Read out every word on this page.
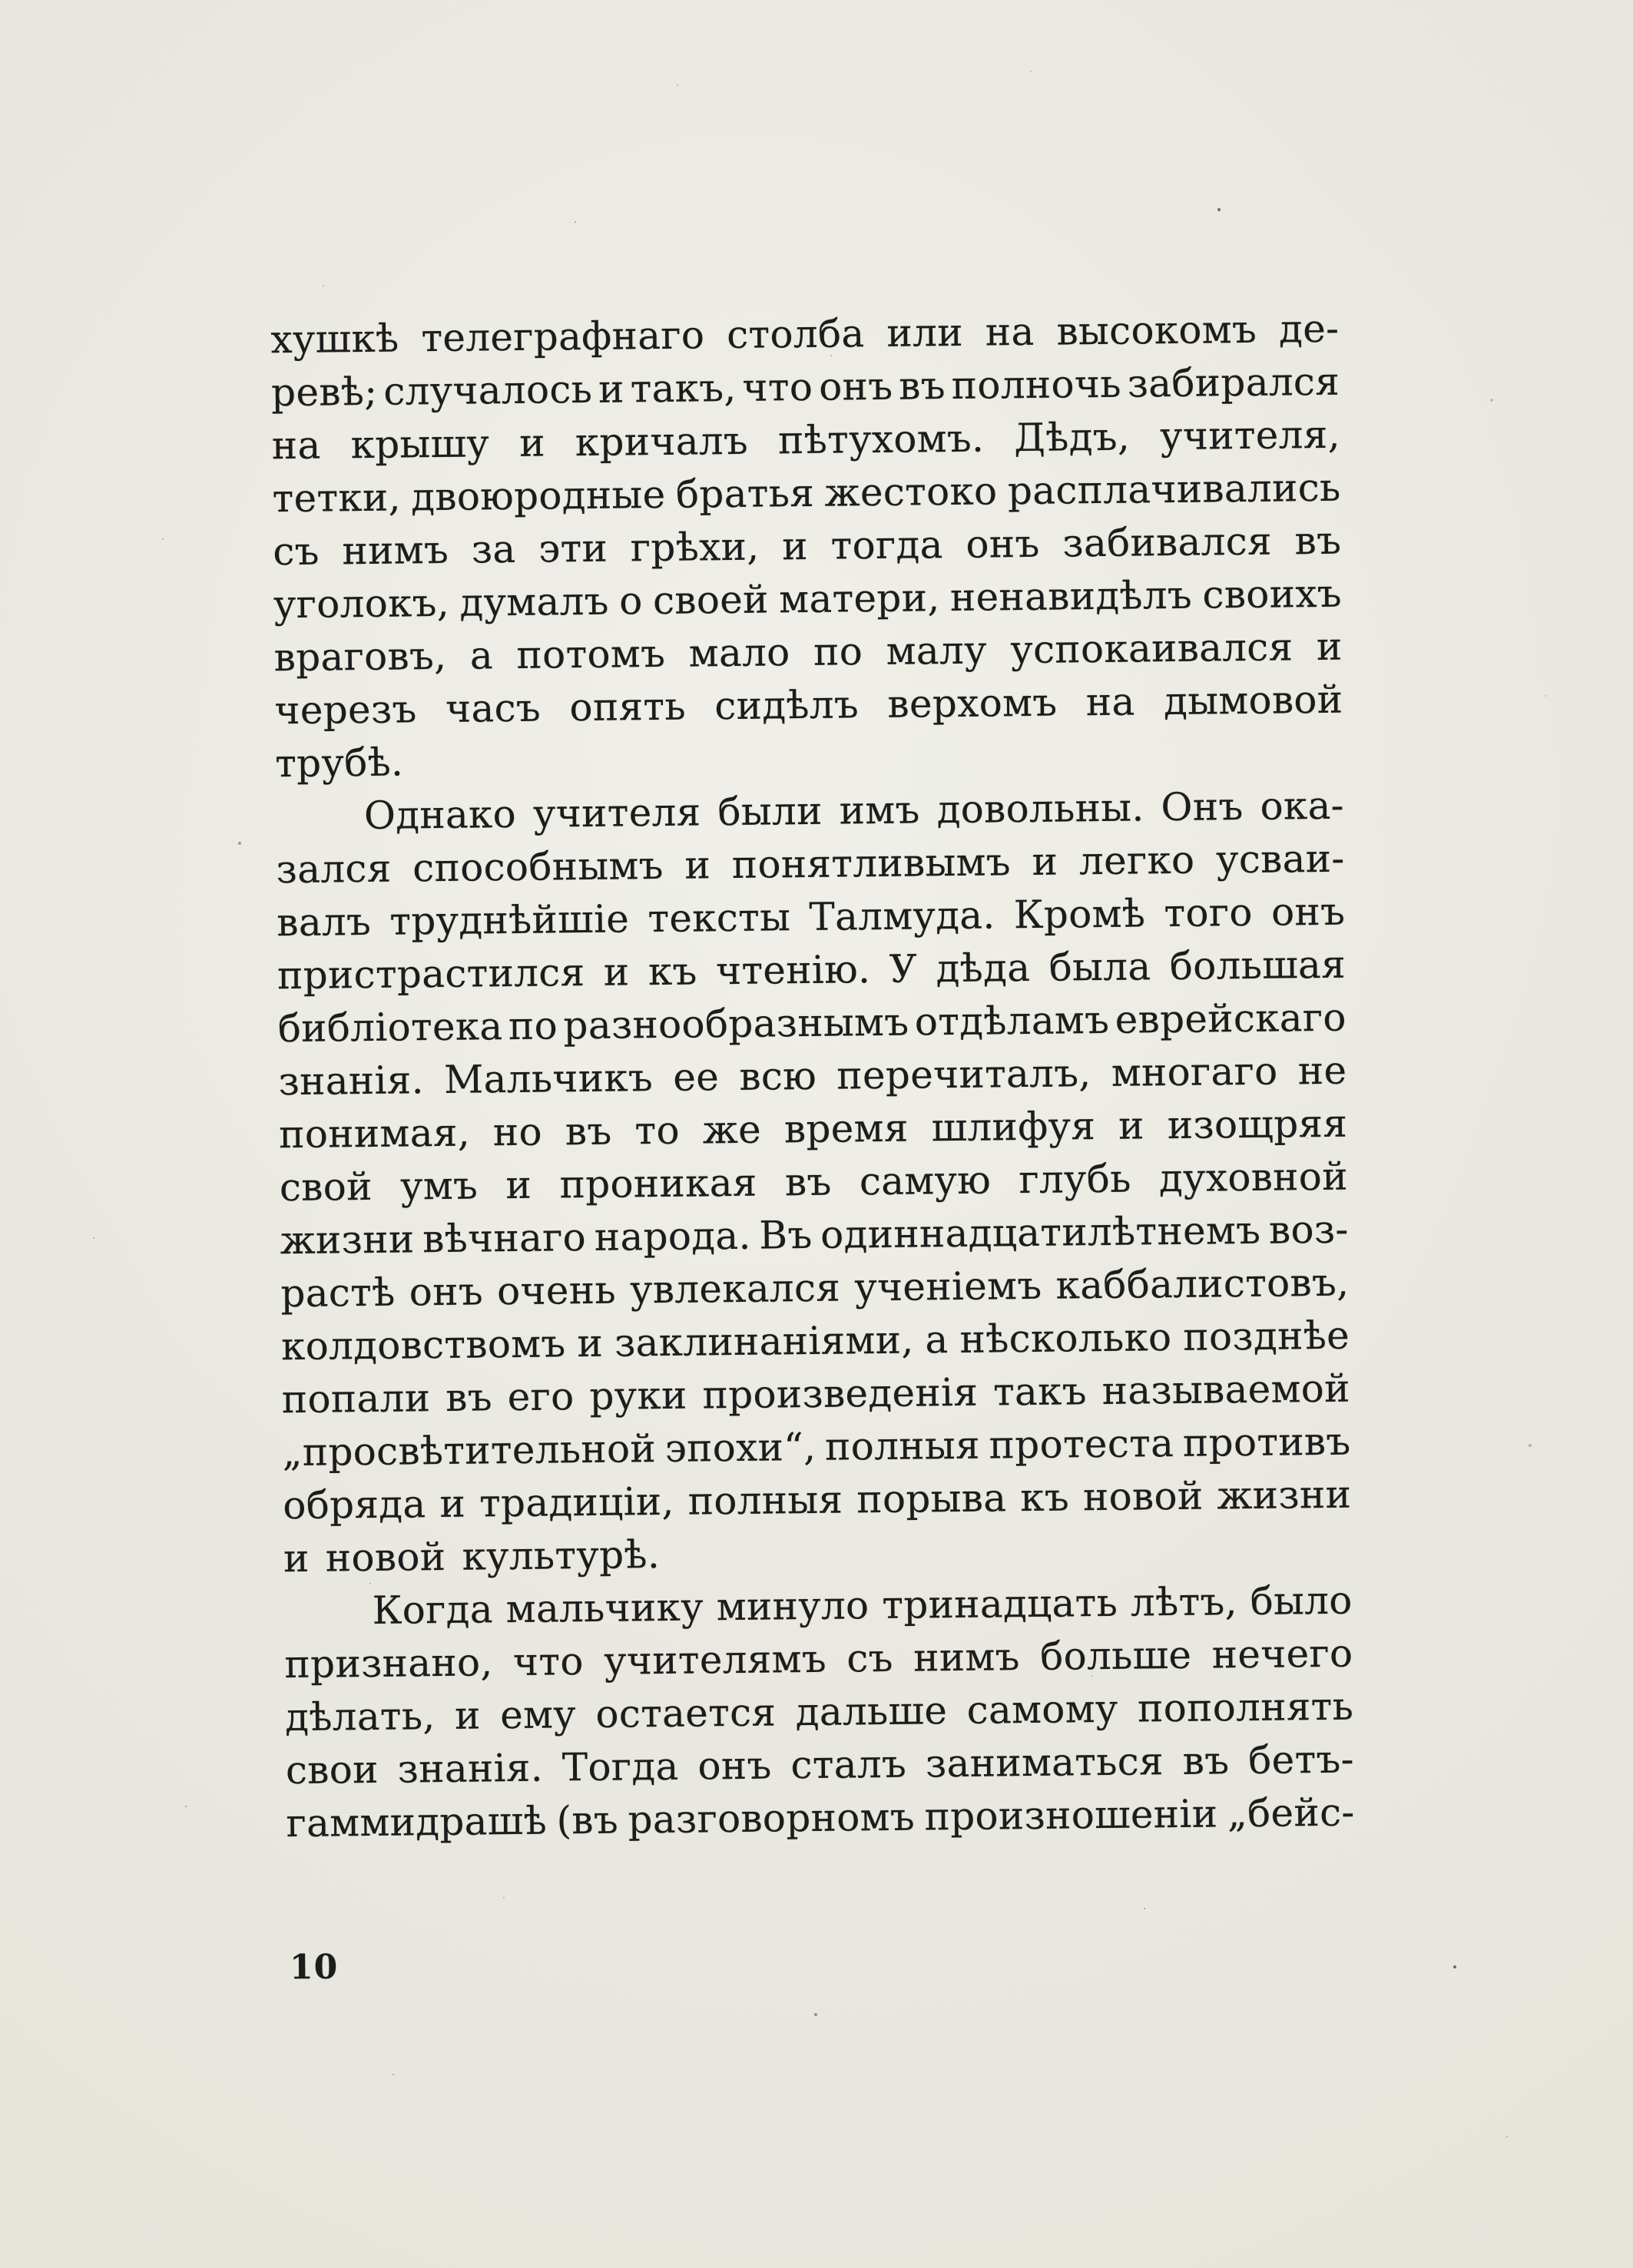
хушкѣ телеграфнаго столба или на высокомъ де-
ревѣ; случалось и такъ, что онъ въ полночь забирался
на крышу и кричалъ пѣтухомъ. Дѣдъ, учителя,
тетки, двоюродные братья жестоко расплачивались
съ нимъ за эти грѣхи, и тогда онъ забивался въ
уголокъ, думалъ о своей матери, ненавидѣлъ своихъ
враговъ, а потомъ мало по малу успокаивался и
черезъ часъ опять сидѣлъ верхомъ на дымовой
трубѣ.
Однако учителя были имъ довольны. Онъ ока-
зался способнымъ и понятливымъ и легко усваи-
валъ труднѣйшіе тексты Талмуда. Кромѣ того онъ
пристрастился и къ чтенію. У дѣда была большая
библіотека по разнообразнымъ отдѣламъ еврейскаго
знанія. Мальчикъ ее всю перечиталъ, многаго не
понимая, но въ то же время шлифуя и изощряя
свой умъ и проникая въ самую глубь духовной
жизни вѣчнаго народа. Въ одиннадцатилѣтнемъ воз-
растѣ онъ очень увлекался ученіемъ каббалистовъ,
колдовствомъ и заклинаніями, а нѣсколько позднѣе
попали въ его руки произведенія такъ называемой
„просвѣтительной эпохи“, полныя протеста противъ
обряда и традиціи, полныя порыва къ новой жизни
и новой культурѣ.
Когда мальчику минуло тринадцать лѣтъ, было
признано, что учителямъ съ нимъ больше нечего
дѣлать, и ему остается дальше самому пополнять
свои знанія. Тогда онъ сталъ заниматься въ бетъ-
гаммидрашѣ (въ разговорномъ произношеніи „бейс-
10
